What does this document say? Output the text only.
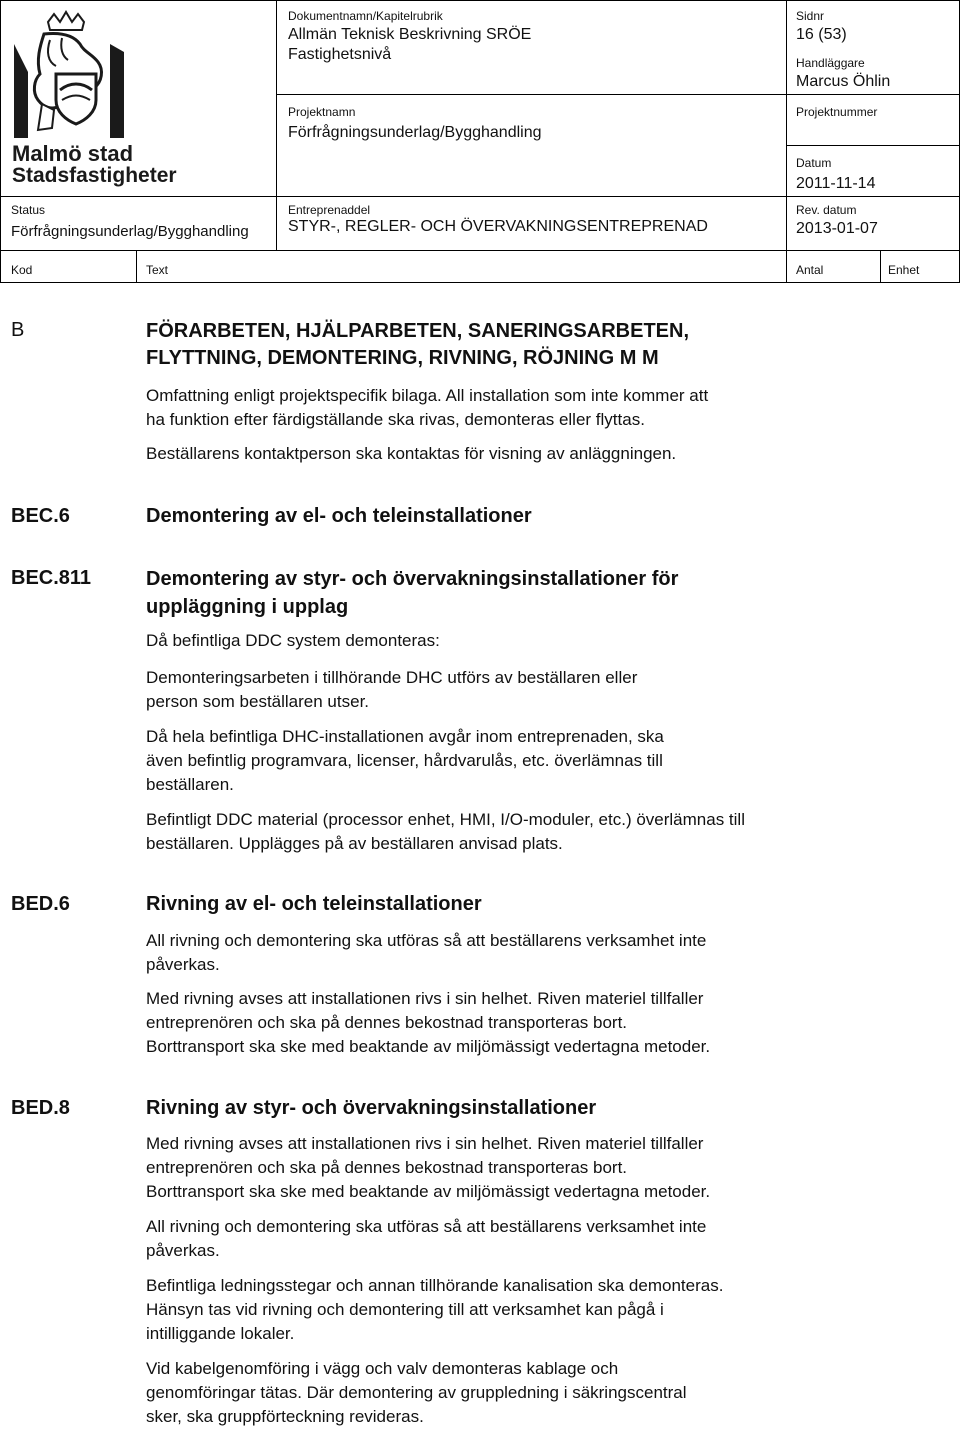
Malmö stad
Stadsfastigheter
Dokumentnamn/Kapitelrubrik
Allmän Teknisk Beskrivning SRÖE
Fastighetsnivå
Sidnr
16 (53)
Handläggare
Marcus Öhlin
Projektnamn
Förfrågningsunderlag/Bygghandling
Projektnummer
Datum
2011-11-14
Status
Förfrågningsunderlag/Bygghandling
Entreprenaddel
STYR-, REGLER- OCH ÖVERVAKNINGSENTREPRENAD
Rev. datum
2013-01-07
Kod	Text	Antal	Enhet
B	FÖRARBETEN, HJÄLPARBETEN, SANERINGSARBETEN,
FLYTTNING, DEMONTERING, RIVNING, RÖJNING M M
Omfattning enligt projektspecifik bilaga. All installation som inte kommer att
ha funktion efter färdigställande ska rivas, demonteras eller flyttas.
Beställarens kontaktperson ska kontaktas för visning av anläggningen.
BEC.6	Demontering av el- och teleinstallationer
BEC.811	Demontering av styr- och övervakningsinstallationer för
uppläggning i upplag
Då befintliga DDC system demonteras:
Demonteringsarbeten i tillhörande DHC utförs av beställaren eller
person som beställaren utser.
Då hela befintliga DHC-installationen avgår inom entreprenaden, ska
även befintlig programvara, licenser, hårdvarulås, etc. överlämnas till
beställaren.
Befintligt DDC material (processor enhet, HMI, I/O-moduler, etc.) överlämnas till
beställaren. Upplägges på av beställaren anvisad plats.
BED.6	Rivning av el- och teleinstallationer
All rivning och demontering ska utföras så att beställarens verksamhet inte
påverkas.
Med rivning avses att installationen rivs i sin helhet. Riven materiel tillfaller
entreprenören och ska på dennes bekostnad transporteras bort.
Borttransport ska ske med beaktande av miljömässigt vedertagna metoder.
BED.8	Rivning av styr- och övervakningsinstallationer
Med rivning avses att installationen rivs i sin helhet. Riven materiel tillfaller
entreprenören och ska på dennes bekostnad transporteras bort.
Borttransport ska ske med beaktande av miljömässigt vedertagna metoder.
All rivning och demontering ska utföras så att beställarens verksamhet inte
påverkas.
Befintliga ledningsstegar och annan tillhörande kanalisation ska demonteras.
Hänsyn tas vid rivning och demontering till att verksamhet kan pågå i
intilliggande lokaler.
Vid kabelgenomföring i vägg och valv demonteras kablage och
genomföringar tätas. Där demontering av gruppledning i säkringscentral
sker, ska gruppförteckning revideras.
